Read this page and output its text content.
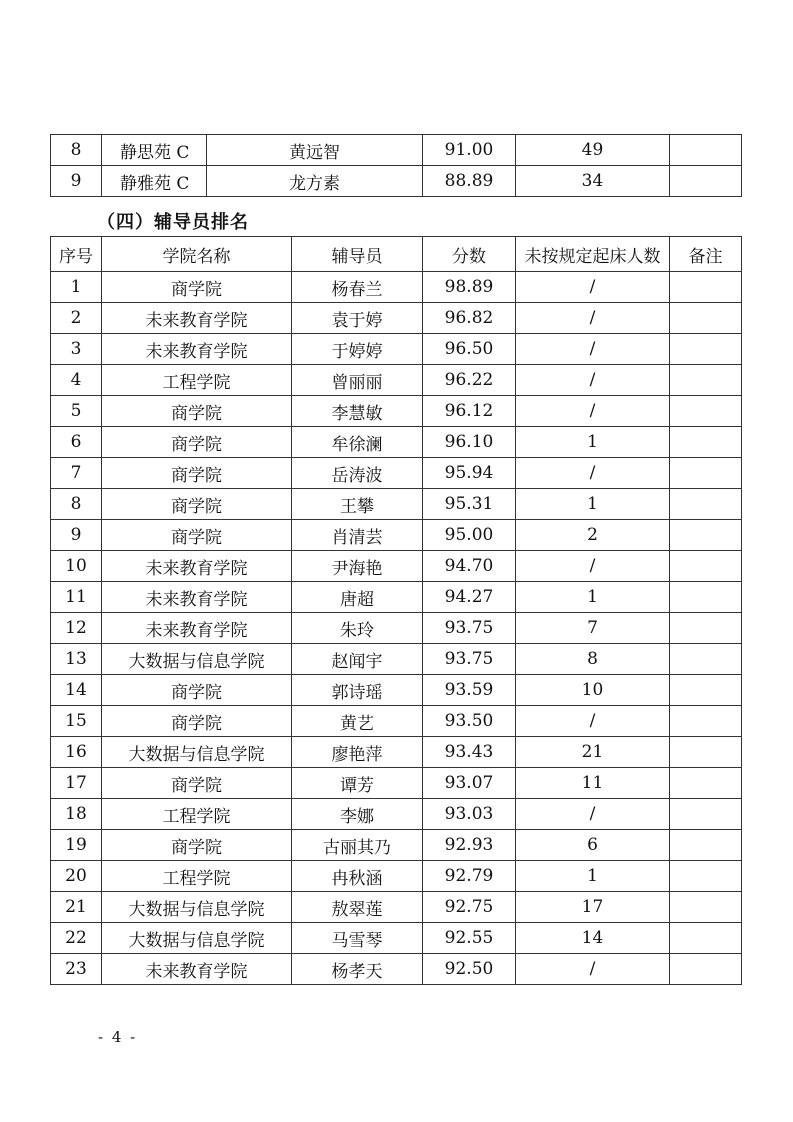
8	静思苑 C	黄远智	91.00	49	
9	静雅苑 C	龙方素	88.89	34	
（四）辅导员排名
序号	学院名称	辅导员	分数	未按规定起床人数	备注
1	商学院	杨春兰	98.89	/	
2	未来教育学院	袁于婷	96.82	/	
3	未来教育学院	于婷婷	96.50	/	
4	工程学院	曾丽丽	96.22	/	
5	商学院	李慧敏	96.12	/	
6	商学院	牟徐澜	96.10	1	
7	商学院	岳涛波	95.94	/	
8	商学院	王攀	95.31	1	
9	商学院	肖清芸	95.00	2	
10	未来教育学院	尹海艳	94.70	/	
11	未来教育学院	唐超	94.27	1	
12	未来教育学院	朱玲	93.75	7	
13	大数据与信息学院	赵闻宇	93.75	8	
14	商学院	郭诗瑶	93.59	10	
15	商学院	黄艺	93.50	/	
16	大数据与信息学院	廖艳萍	93.43	21	
17	商学院	谭芳	93.07	11	
18	工程学院	李娜	93.03	/	
19	商学院	古丽其乃	92.93	6	
20	工程学院	冉秋涵	92.79	1	
21	大数据与信息学院	敖翠莲	92.75	17	
22	大数据与信息学院	马雪琴	92.55	14	
23	未来教育学院	杨孝天	92.50	/	
- 4 -
